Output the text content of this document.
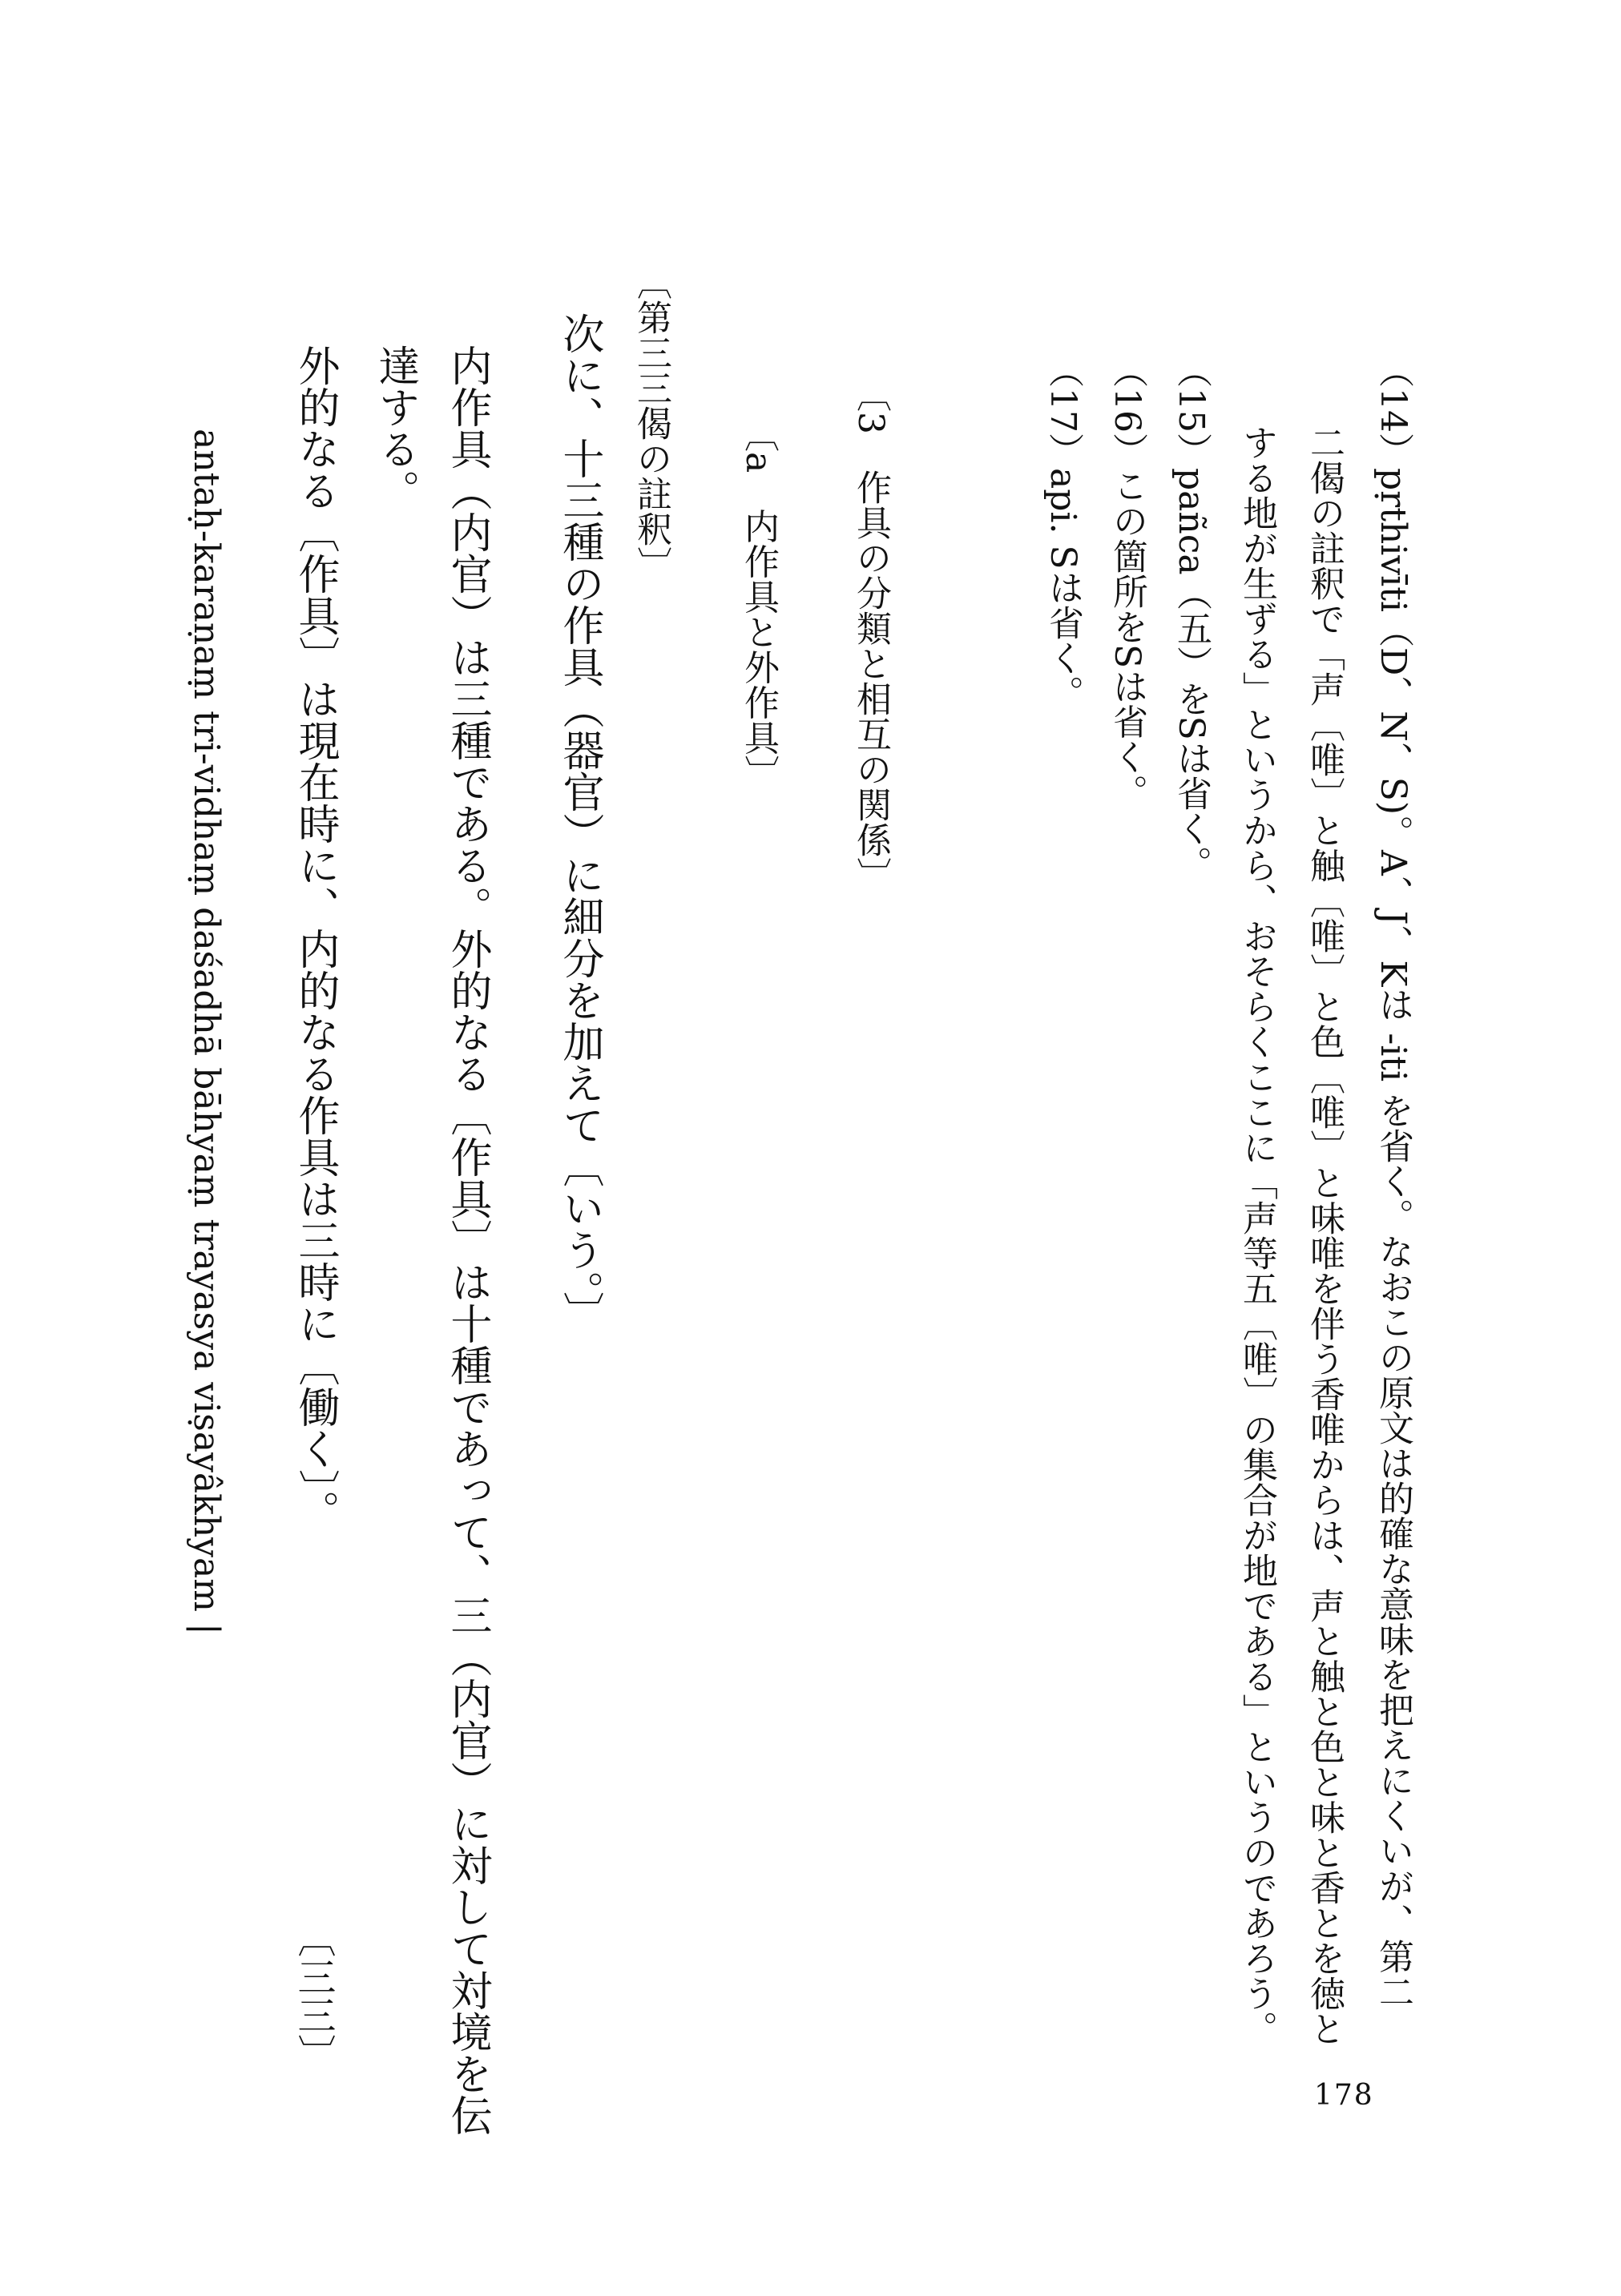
178
（14）pṛthivīti（D、N、S)。A、J、Kは -iti を省く。なおこの原文は的確な意味を把えにくいが、第二
二偈の註釈で「声〔唯〕と触〔唯〕と色〔唯〕と味唯を伴う香唯からは、声と触と色と味と香とを徳と
する地が生ずる」というから、おそらくここに「声等五〔唯〕の集合が地である」というのであろう。
（15）pañca（五）をSは省く。
（16）この箇所をSは省く。
（17）api. Sは省く。
〔3　作具の分類と相互の関係〕
〔a　内作具と外作具〕
〔第三三偈の註釈〕
次に、十三種の作具（器官）に細分を加えて〔いう。〕
内作具（内官）は三種である。外的なる〔作具〕は十種であって、三（内官）に対して対境を伝
達する。
外的なる〔作具〕は現在時に、内的なる作具は三時に〔働く〕。
〔三三〕
antaḥ-karaṇaṃ tri-vidhaṃ daśadhā bāhyaṃ trayasya viṣayâkhyam |
